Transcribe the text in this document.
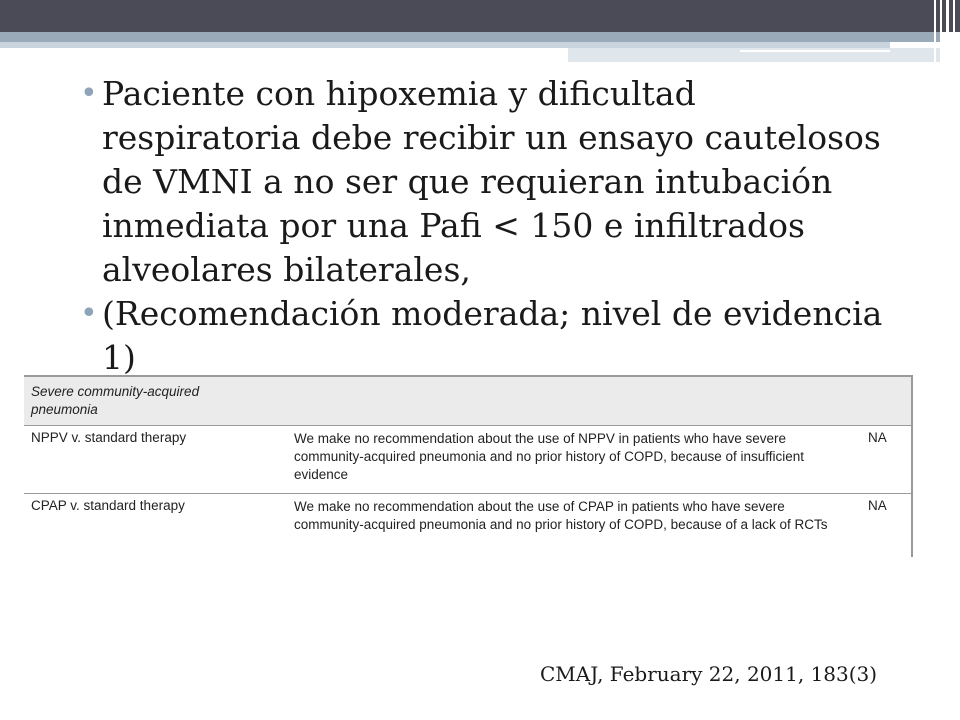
• Paciente con hipoxemia y dificultad respiratoria debe recibir un ensayo cautelosos de VMNI a no ser que requieran intubación inmediata por una Pafi < 150 e infiltrados alveolares bilaterales,
• (Recomendación moderada; nivel de evidencia 1)
Severe community-acquired pneumonia
NPPV v. standard therapy	We make no recommendation about the use of NPPV in patients who have severe community-acquired pneumonia and no prior history of COPD, because of insufficient evidence
NA
CPAP v. standard therapy	We make no recommendation about the use of CPAP in patients who have severe community-acquired pneumonia and no prior history of COPD, because of a lack of RCTs
NA
CMAJ, February 22, 2011, 183(3)
